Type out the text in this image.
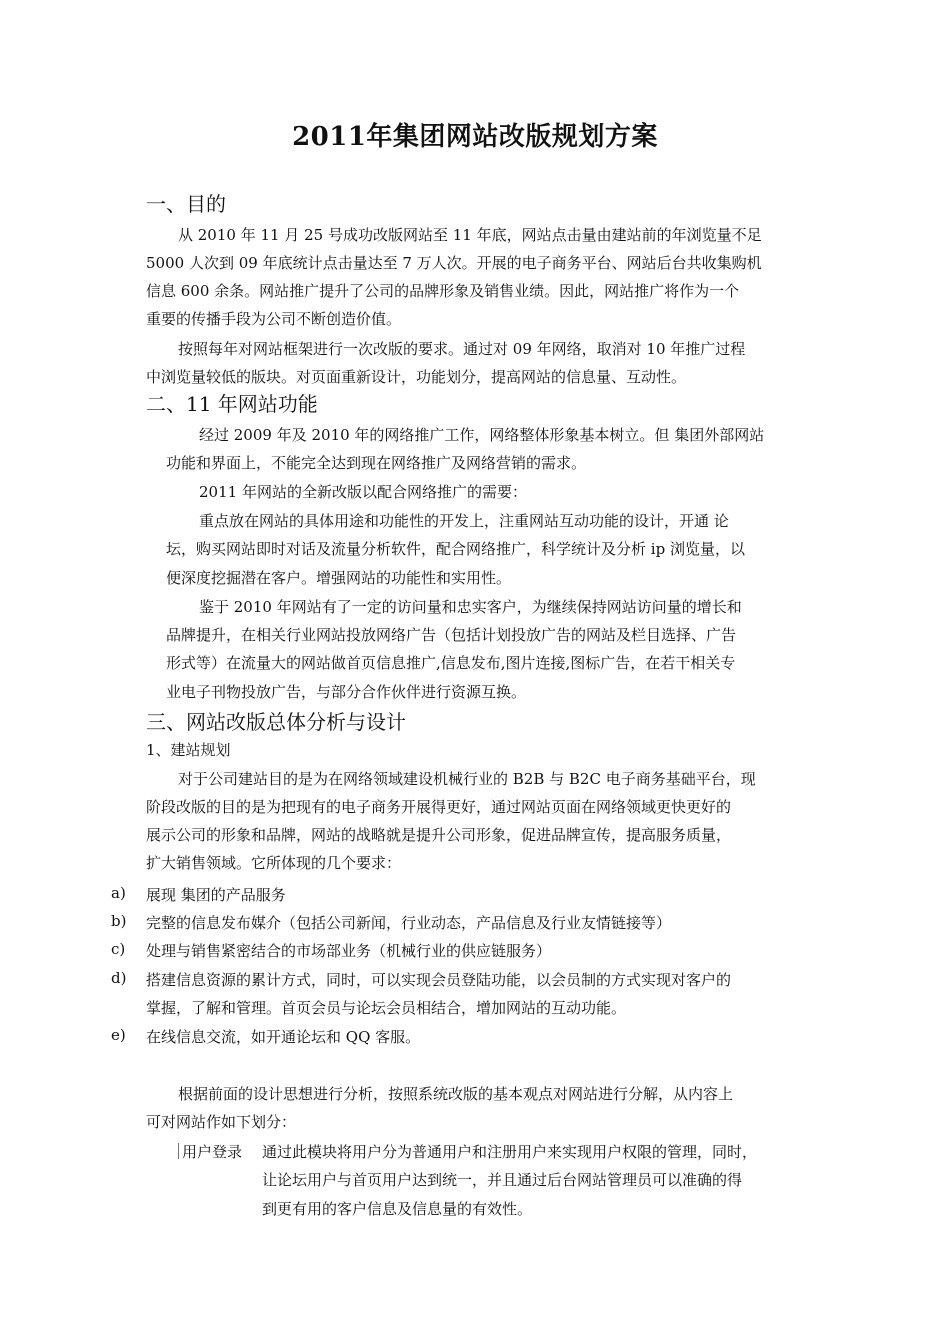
2011年集团网站改版规划方案
一、目的

从 2010 年 11 月 25 号成功改版网站至 11 年底，网站点击量由建站前的年浏览量不足

5000 人次到 09 年底统计点击量达至 7 万人次。开展的电子商务平台、网站后台共收集购机

信息 600 余条。网站推广提升了公司的品牌形象及销售业绩。因此，网站推广将作为一个

重要的传播手段为公司不断创造价值。

按照每年对网站框架进行一次改版的要求。通过对 09 年网络，取消对 10 年推广过程

中浏览量较低的版块。对页面重新设计，功能划分，提高网站的信息量、互动性。

二、11 年网站功能

经过 2009 年及 2010 年的网络推广工作，网络整体形象基本树立。但 集团外部网站

功能和界面上，不能完全达到现在网络推广及网络营销的需求。

2011 年网站的全新改版以配合网络推广的需要：

重点放在网站的具体用途和功能性的开发上，注重网站互动功能的设计，开通 论

坛，购买网站即时对话及流量分析软件，配合网络推广，科学统计及分析 ip 浏览量，以

便深度挖掘潜在客户。增强网站的功能性和实用性。

鉴于 2010 年网站有了一定的访问量和忠实客户，为继续保持网站访问量的增长和

品牌提升，在相关行业网站投放网络广告（包括计划投放广告的网站及栏目选择、广告

形式等）在流量大的网站做首页信息推广,信息发布,图片连接,图标广告，在若干相关专

业电子刊物投放广告，与部分合作伙伴进行资源互换。

三、网站改版总体分析与设计

1、建站规划

对于公司建站目的是为在网络领域建设机械行业的 B2B 与 B2C 电子商务基础平台，现

阶段改版的目的是为把现有的电子商务开展得更好，通过网站页面在网络领域更快更好的

展示公司的形象和品牌，网站的战略就是提升公司形象，促进品牌宣传，提高服务质量，

扩大销售领域。它所体现的几个要求：

a) 展现 集团的产品服务

b) 完整的信息发布媒介（包括公司新闻，行业动态，产品信息及行业友情链接等）

c) 处理与销售紧密结合的市场部业务（机械行业的供应链服务）

d) 搭建信息资源的累计方式，同时，可以实现会员登陆功能，以会员制的方式实现对客户的

掌握，了解和管理。首页会员与论坛会员相结合，增加网站的互动功能。

e) 在线信息交流，如开通论坛和 QQ 客服。

根据前面的设计思想进行分析，按照系统改版的基本观点对网站进行分解，从内容上

可对网站作如下划分：

用户登录 通过此模块将用户分为普通用户和注册用户来实现用户权限的管理，同时，

让论坛用户与首页用户达到统一，并且通过后台网站管理员可以准确的得

到更有用的客户信息及信息量的有效性。
